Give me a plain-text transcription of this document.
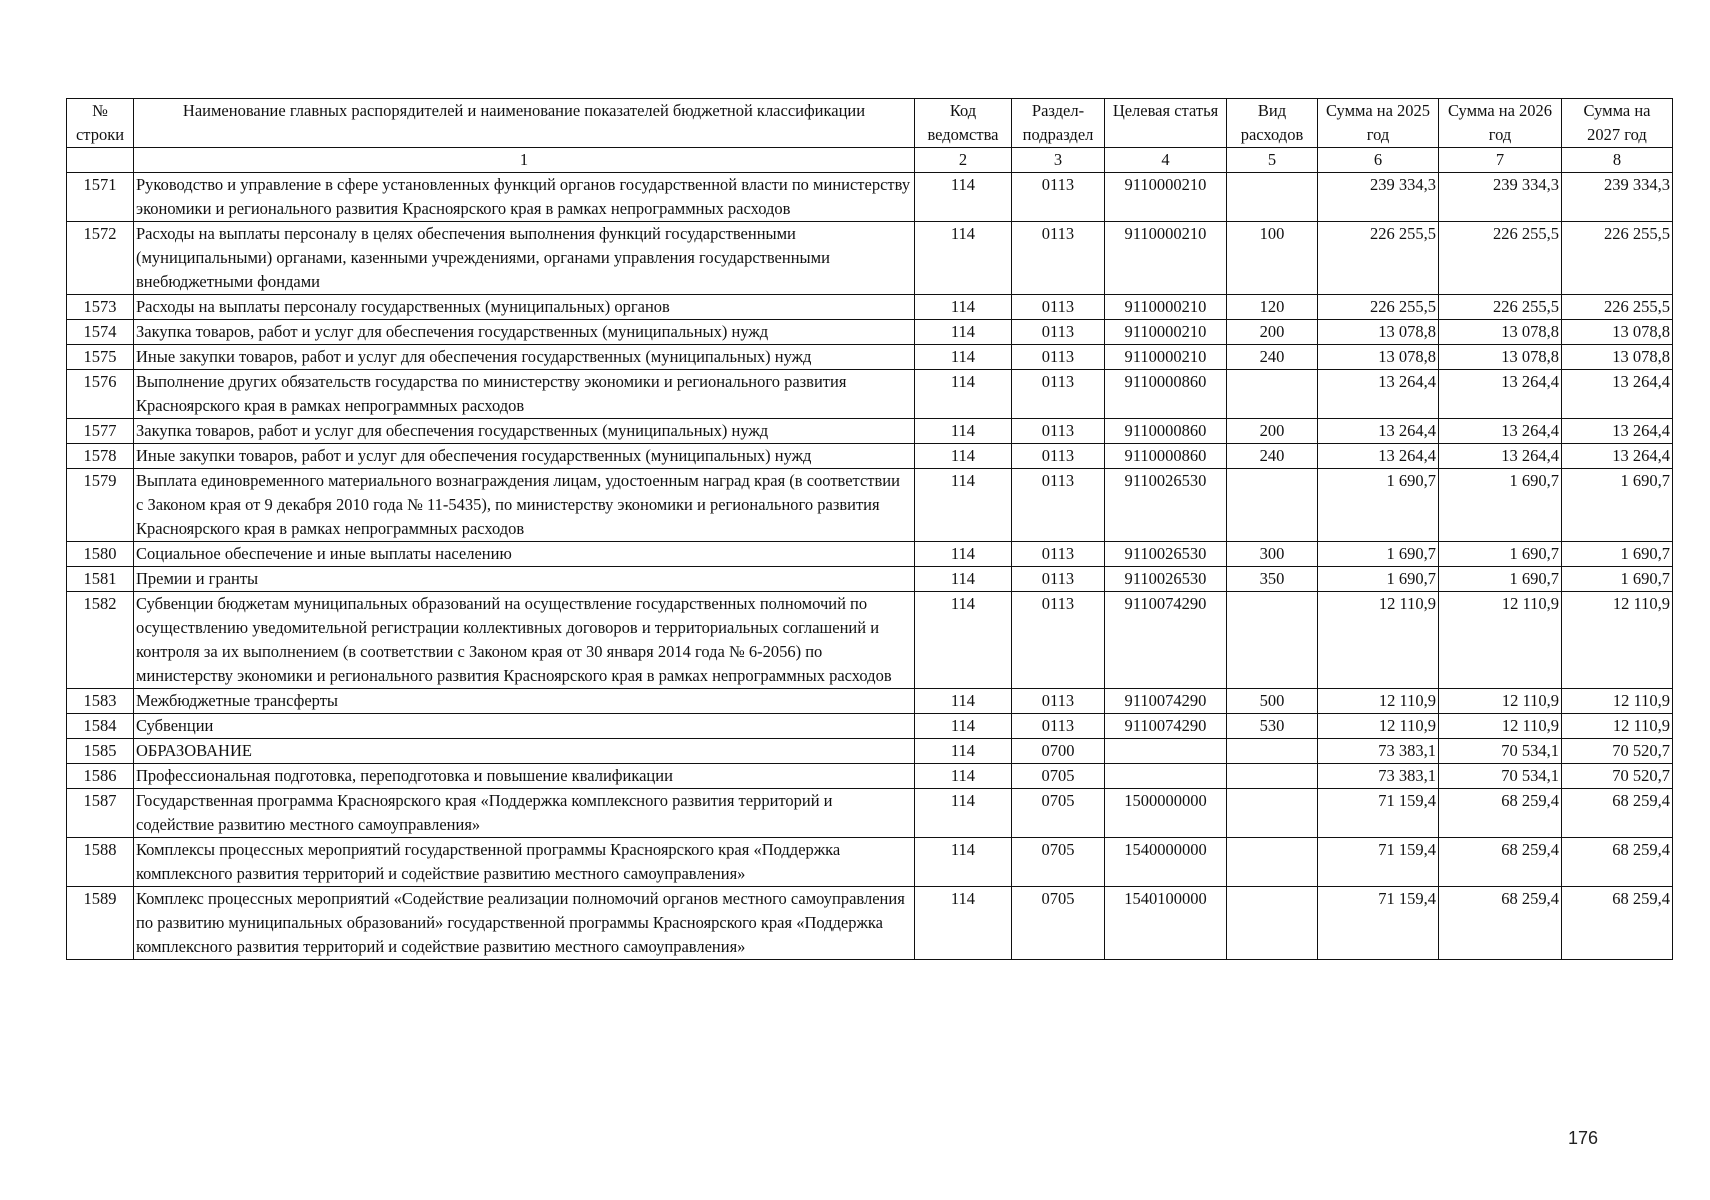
№ строки	Наименование главных распорядителей и наименование показателей бюджетной классификации	Код ведомства	Раздел-подраздел	Целевая статья	Вид расходов	Сумма на 2025 год	Сумма на 2026 год	Сумма на 2027 год
	1	2	3	4	5	6	7	8
1571	Руководство и управление в сфере установленных функций органов государственной власти по министерству экономики и регионального развития Красноярского края в рамках непрограммных расходов	114	0113	9110000210		239 334,3	239 334,3	239 334,3
1572	Расходы на выплаты персоналу в целях обеспечения выполнения функций государственными (муниципальными) органами, казенными учреждениями, органами управления государственными внебюджетными фондами	114	0113	9110000210	100	226 255,5	226 255,5	226 255,5
1573	Расходы на выплаты персоналу государственных (муниципальных) органов	114	0113	9110000210	120	226 255,5	226 255,5	226 255,5
1574	Закупка товаров, работ и услуг для обеспечения государственных (муниципальных) нужд	114	0113	9110000210	200	13 078,8	13 078,8	13 078,8
1575	Иные закупки товаров, работ и услуг для обеспечения государственных (муниципальных) нужд	114	0113	9110000210	240	13 078,8	13 078,8	13 078,8
1576	Выполнение других обязательств государства по министерству экономики и регионального развития Красноярского края в рамках непрограммных расходов	114	0113	9110000860		13 264,4	13 264,4	13 264,4
1577	Закупка товаров, работ и услуг для обеспечения государственных (муниципальных) нужд	114	0113	9110000860	200	13 264,4	13 264,4	13 264,4
1578	Иные закупки товаров, работ и услуг для обеспечения государственных (муниципальных) нужд	114	0113	9110000860	240	13 264,4	13 264,4	13 264,4
1579	Выплата единовременного материального вознаграждения лицам, удостоенным наград края (в соответствии с Законом края от 9 декабря 2010 года № 11-5435), по министерству экономики и регионального развития Красноярского края в рамках непрограммных расходов	114	0113	9110026530		1 690,7	1 690,7	1 690,7
1580	Социальное обеспечение и иные выплаты населению	114	0113	9110026530	300	1 690,7	1 690,7	1 690,7
1581	Премии и гранты	114	0113	9110026530	350	1 690,7	1 690,7	1 690,7
1582	Субвенции бюджетам муниципальных образований на осуществление государственных полномочий по осуществлению уведомительной регистрации коллективных договоров и территориальных соглашений и контроля за их выполнением (в соответствии с Законом края от 30 января 2014 года № 6-2056) по министерству экономики и регионального развития Красноярского края в рамках непрограммных расходов	114	0113	9110074290		12 110,9	12 110,9	12 110,9
1583	Межбюджетные трансферты	114	0113	9110074290	500	12 110,9	12 110,9	12 110,9
1584	Субвенции	114	0113	9110074290	530	12 110,9	12 110,9	12 110,9
1585	ОБРАЗОВАНИЕ	114	0700			73 383,1	70 534,1	70 520,7
1586	Профессиональная подготовка, переподготовка и повышение квалификации	114	0705			73 383,1	70 534,1	70 520,7
1587	Государственная программа Красноярского края «Поддержка комплексного развития территорий и содействие развитию местного самоуправления»	114	0705	1500000000		71 159,4	68 259,4	68 259,4
1588	Комплексы процессных мероприятий государственной программы Красноярского края «Поддержка комплексного развития территорий и содействие развитию местного самоуправления»	114	0705	1540000000		71 159,4	68 259,4	68 259,4
1589	Комплекс процессных мероприятий «Содействие реализации полномочий органов местного самоуправления по развитию муниципальных образований» государственной программы Красноярского края «Поддержка комплексного развития территорий и содействие развитию местного самоуправления»	114	0705	1540100000		71 159,4	68 259,4	68 259,4
176
